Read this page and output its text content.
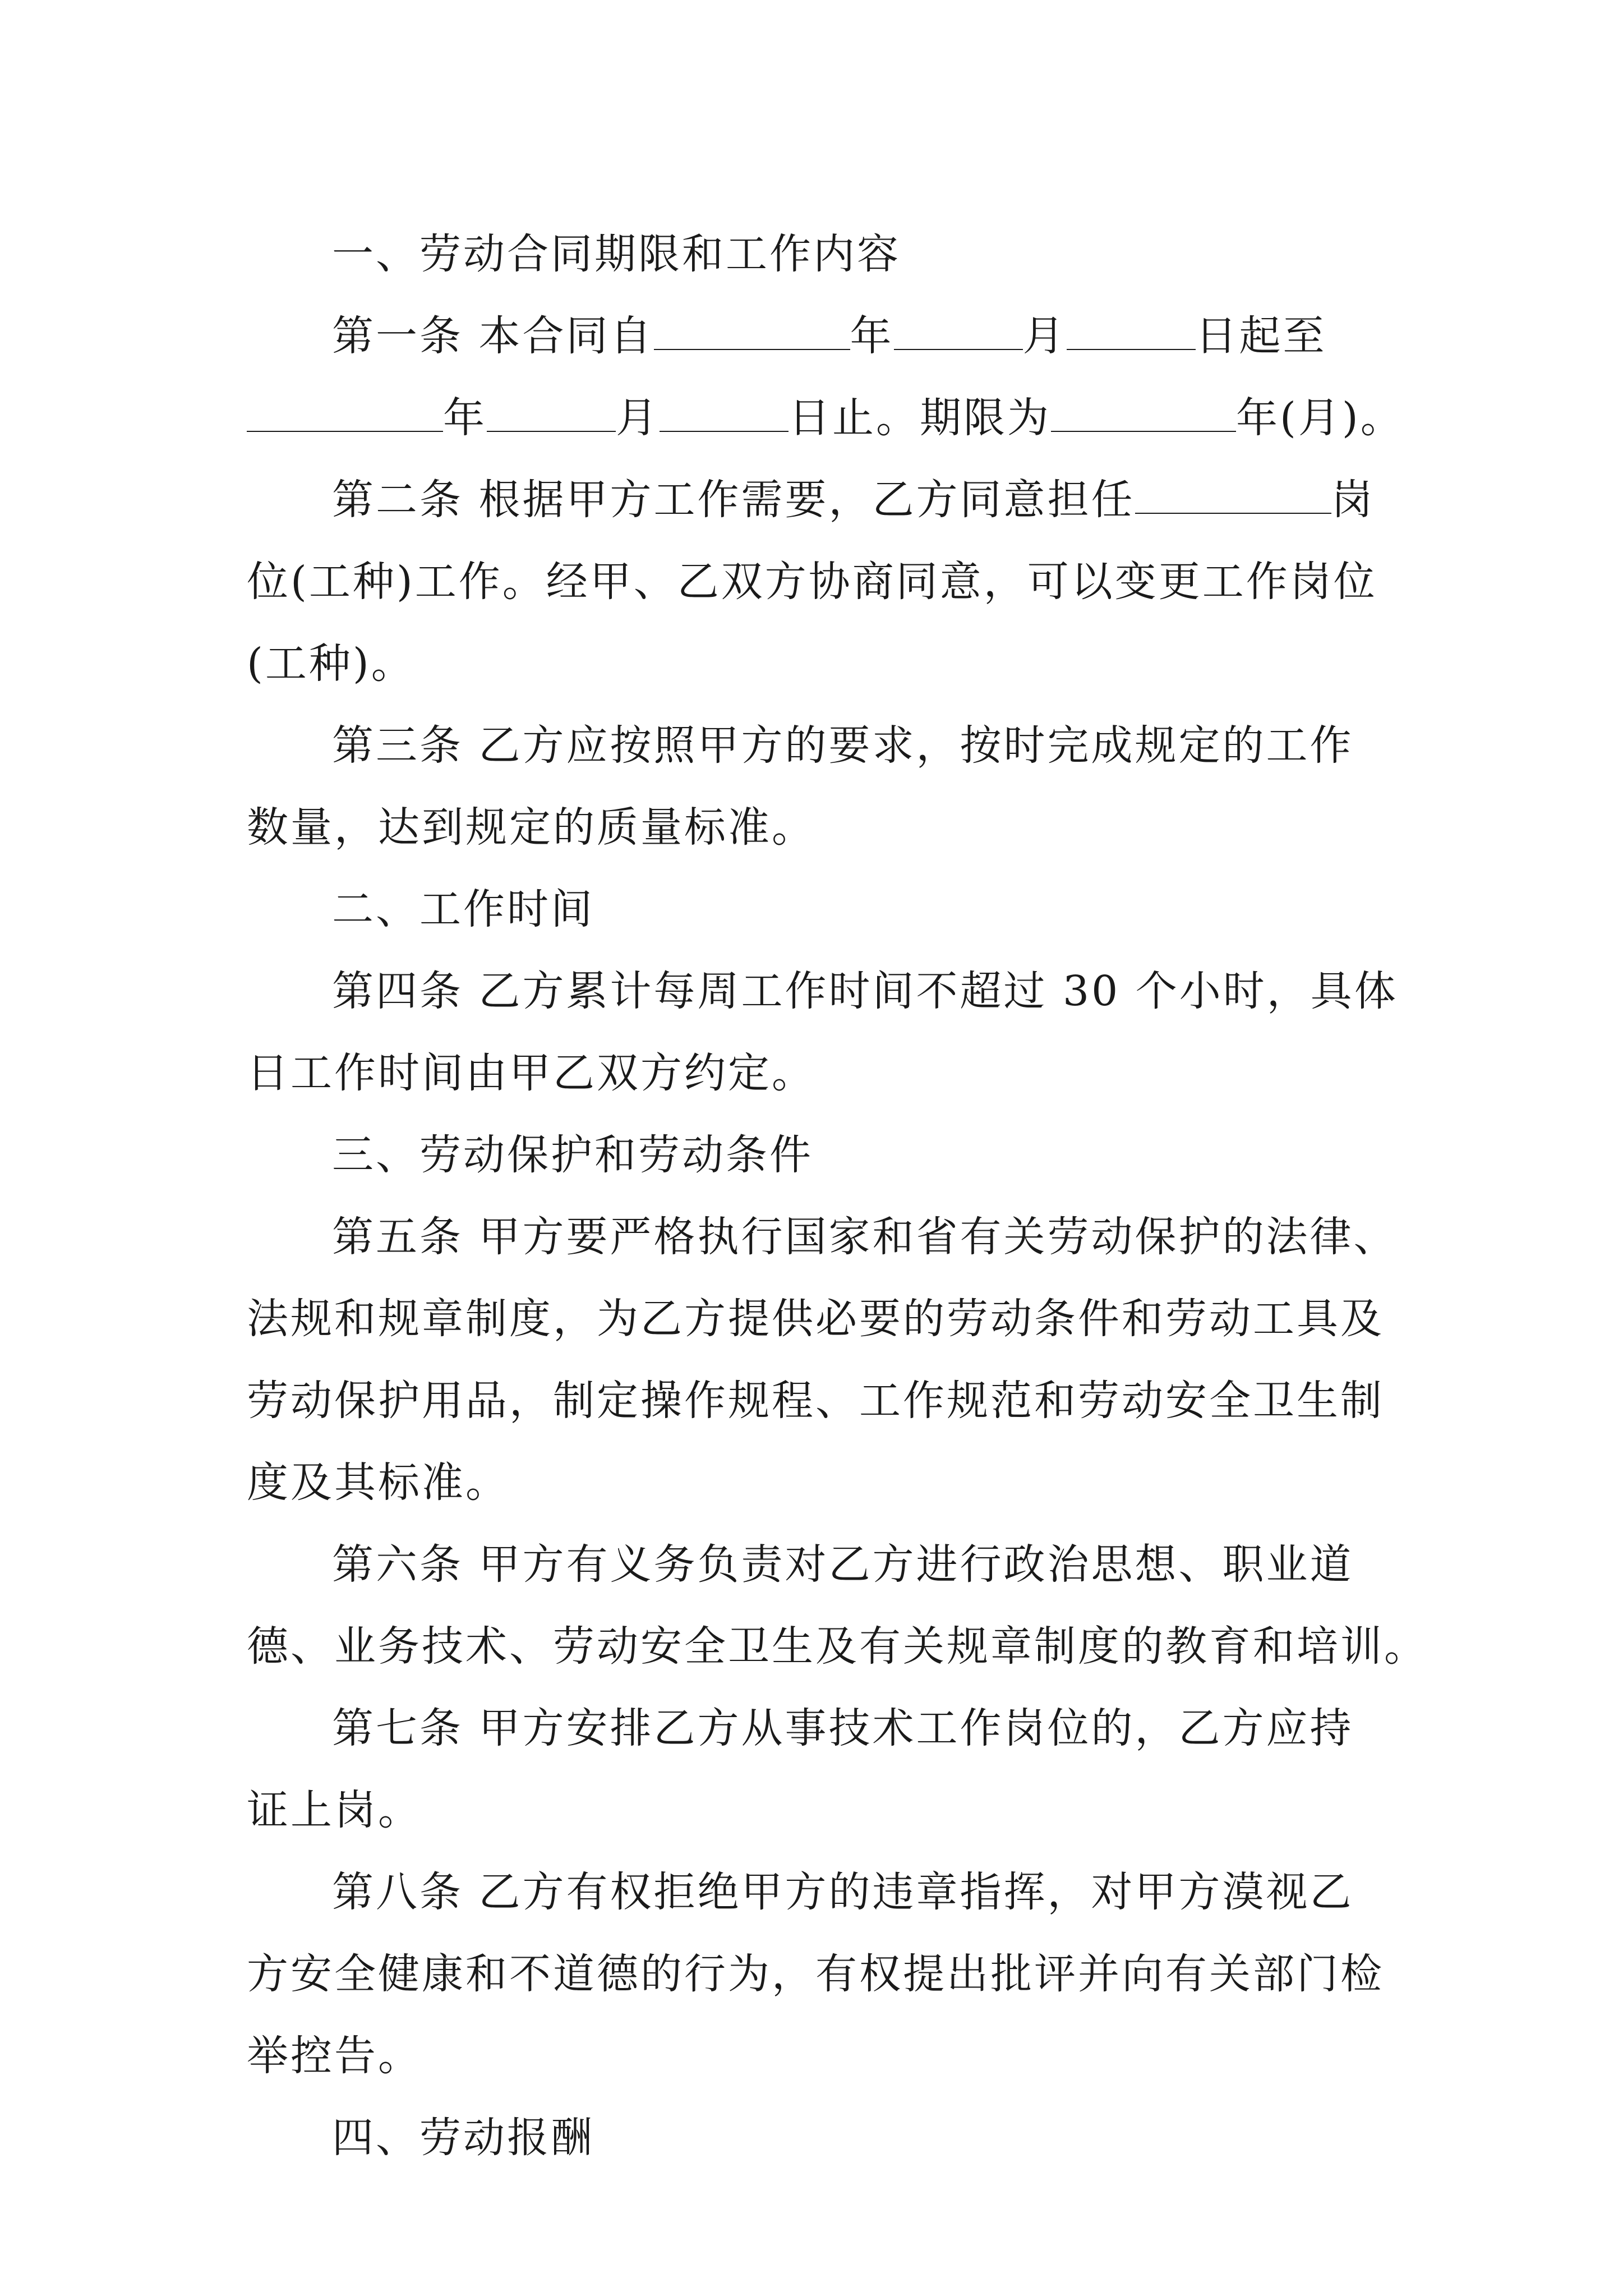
一、劳动合同期限和工作内容
第一条 本合同自	年	月	日起至
年	月	日止。期限为	年(月)。
第二条 根据甲方工作需要，乙方同意担任	岗
位(工种)工作。经甲、乙双方协商同意，可以变更工作岗位
(工种)。
第三条 乙方应按照甲方的要求，按时完成规定的工作
数量，达到规定的质量标准。
二、工作时间
第四条 乙方累计每周工作时间不超过 30 个小时，具体
日工作时间由甲乙双方约定。
三、劳动保护和劳动条件
第五条 甲方要严格执行国家和省有关劳动保护的法律、
法规和规章制度，为乙方提供必要的劳动条件和劳动工具及
劳动保护用品，制定操作规程、工作规范和劳动安全卫生制
度及其标准。
第六条 甲方有义务负责对乙方进行政治思想、职业道
德、业务技术、劳动安全卫生及有关规章制度的教育和培训。
第七条 甲方安排乙方从事技术工作岗位的，乙方应持
证上岗。
第八条 乙方有权拒绝甲方的违章指挥，对甲方漠视乙
方安全健康和不道德的行为，有权提出批评并向有关部门检
举控告。
四、劳动报酬
